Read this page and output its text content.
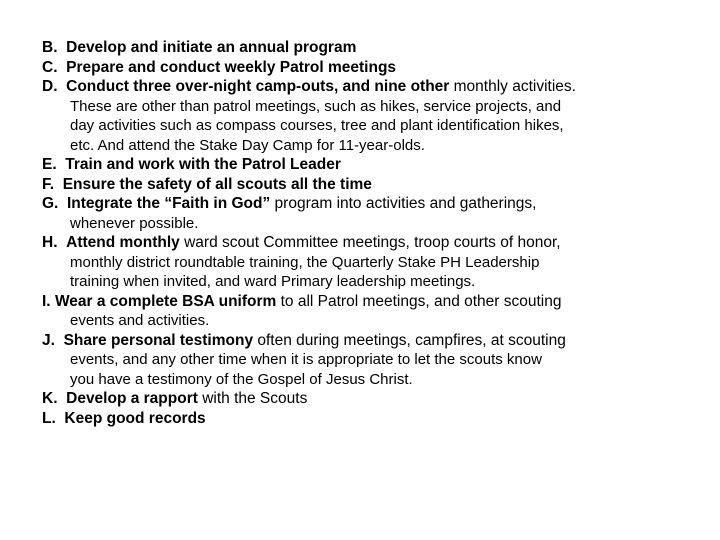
B. Develop and initiate an annual program
C. Prepare and conduct weekly Patrol meetings
D. Conduct three over-night camp-outs, and nine other monthly activities.
These are other than patrol meetings, such as hikes, service projects, and
day activities such as compass courses, tree and plant identification hikes,
etc. And attend the Stake Day Camp for 11-year-olds.
E. Train and work with the Patrol Leader
F. Ensure the safety of all scouts all the time
G. Integrate the “Faith in God” program into activities and gatherings,
whenever possible.
H. Attend monthly ward scout Committee meetings, troop courts of honor,
monthly district roundtable training, the Quarterly Stake PH Leadership
training when invited, and ward Primary leadership meetings.
I. Wear a complete BSA uniform to all Patrol meetings, and other scouting
events and activities.
J. Share personal testimony often during meetings, campfires, at scouting
events, and any other time when it is appropriate to let the scouts know
you have a testimony of the Gospel of Jesus Christ.
K. Develop a rapport with the Scouts
L. Keep good records
